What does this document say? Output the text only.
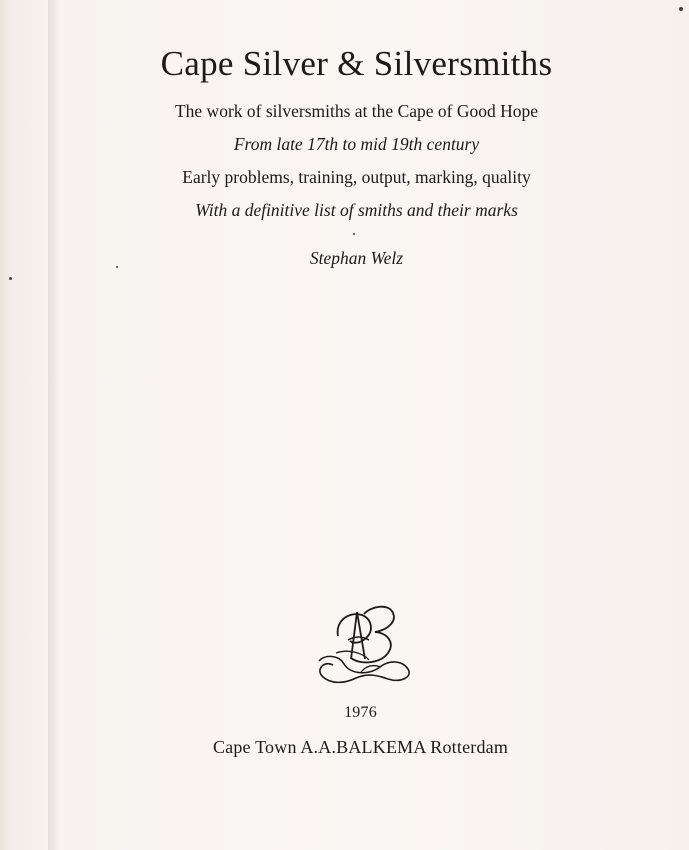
Cape Silver & Silversmiths
The work of silversmiths at the Cape of Good Hope
From late 17th to mid 19th century
Early problems, training, output, marking, quality
With a definitive list of smiths and their marks
Stephan Welz
1976
Cape Town A.A.BALKEMA Rotterdam
